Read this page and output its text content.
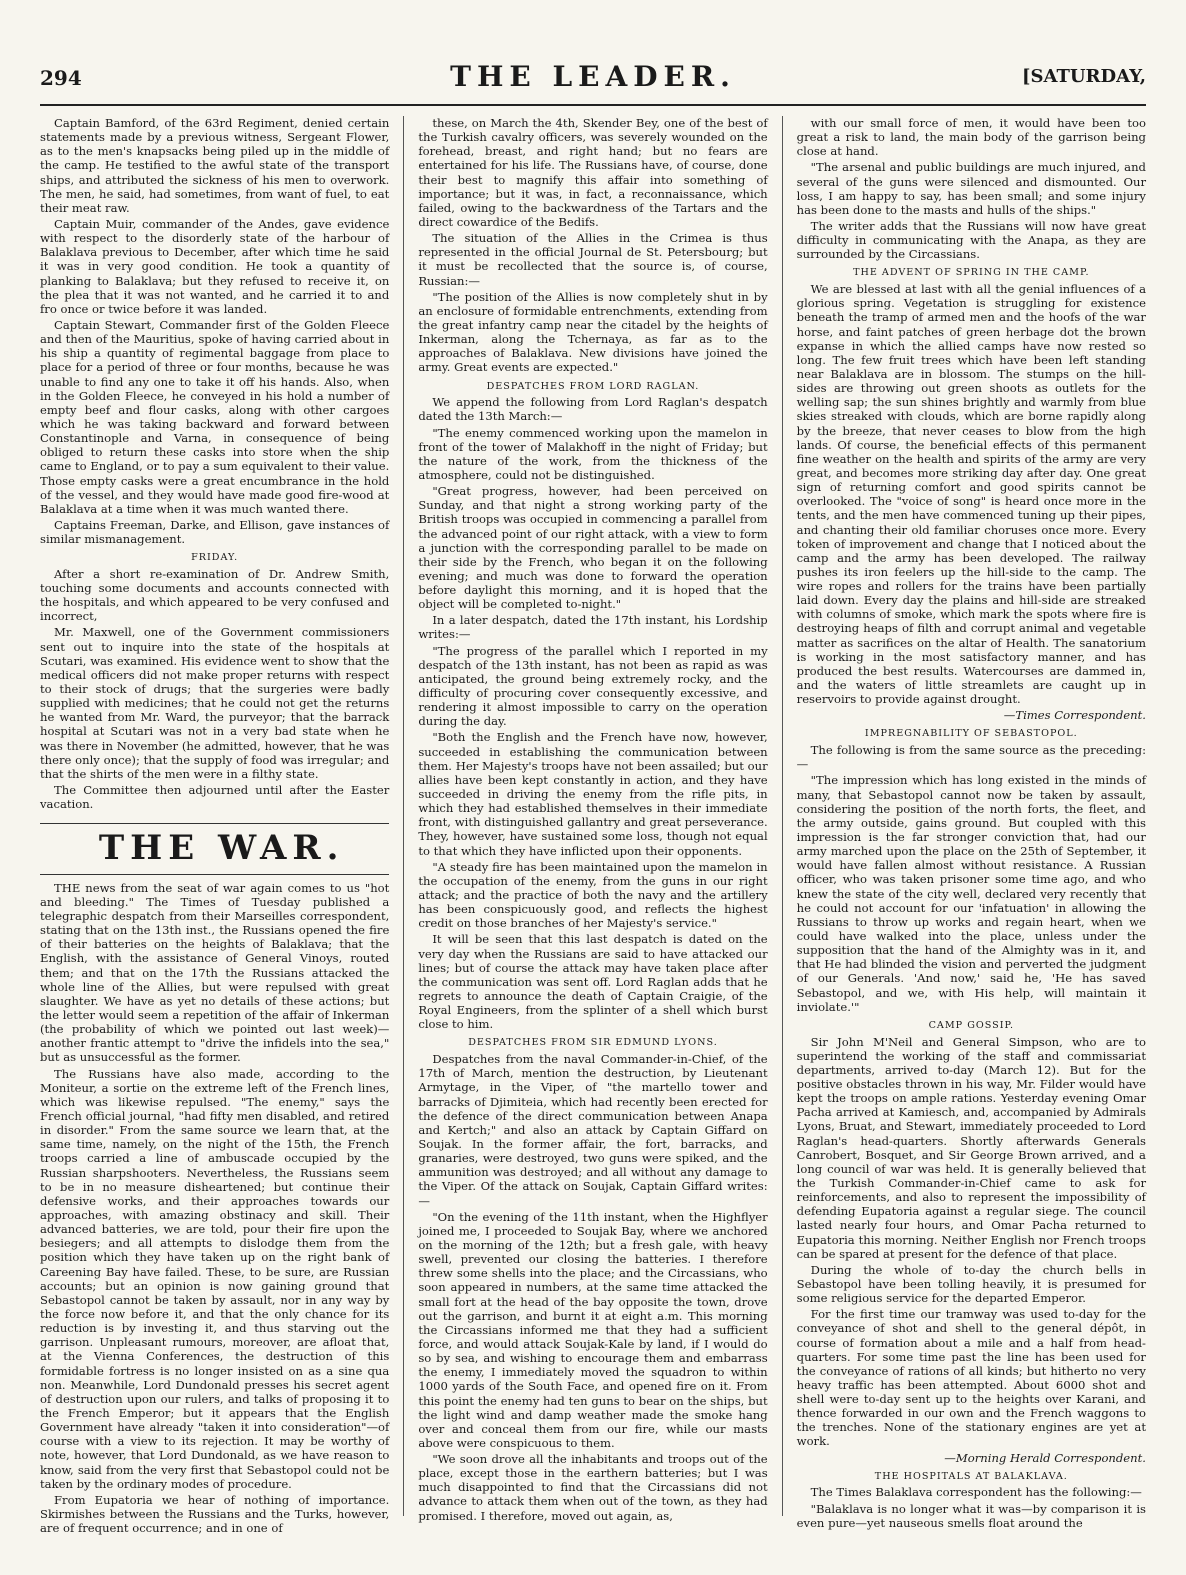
294	THE LEADER.	[SATURDAY,

Captain Bamford, of the 63rd Regiment, denied certain statements made by a previous witness, Sergeant Flower, as to the men's knapsacks being piled up in the middle of the camp. He testified to the awful state of the transport ships, and attributed the sickness of his men to overwork. The men, he said, had sometimes, from want of fuel, to eat their meat raw.

Captain Muir, commander of the Andes, gave evidence with respect to the disorderly state of the harbour of Balaklava previous to December, after which time he said it was in very good condition. He took a quantity of planking to Balaklava; but they refused to receive it, on the plea that it was not wanted, and he carried it to and fro once or twice before it was landed.

Captain Stewart, Commander first of the Golden Fleece and then of the Mauritius, spoke of having carried about in his ship a quantity of regimental baggage from place to place for a period of three or four months, because he was unable to find any one to take it off his hands. Also, when in the Golden Fleece, he conveyed in his hold a number of empty beef and flour casks, along with other cargoes which he was taking backward and forward between Constantinople and Varna, in consequence of being obliged to return these casks into store when the ship came to England, or to pay a sum equivalent to their value. Those empty casks were a great encumbrance in the hold of the vessel, and they would have made good fire-wood at Balaklava at a time when it was much wanted there.

Captains Freeman, Darke, and Ellison, gave instances of similar mismanagement.

FRIDAY.

After a short re-examination of Dr. Andrew Smith, touching some documents and accounts connected with the hospitals, and which appeared to be very confused and incorrect,

Mr. Maxwell, one of the Government commissioners sent out to inquire into the state of the hospitals at Scutari, was examined. His evidence went to show that the medical officers did not make proper returns with respect to their stock of drugs; that the surgeries were badly supplied with medicines; that he could not get the returns he wanted from Mr. Ward, the purveyor; that the barrack hospital at Scutari was not in a very bad state when he was there in November (he admitted, however, that he was there only once); that the supply of food was irregular; and that the shirts of the men were in a filthy state.

The Committee then adjourned until after the Easter vacation.

THE WAR.

THE news from the seat of war again comes to us "hot and bleeding." The Times of Tuesday published a telegraphic despatch from their Marseilles correspondent, stating that on the 13th inst., the Russians opened the fire of their batteries on the heights of Balaklava; that the English, with the assistance of General Vinoys, routed them; and that on the 17th the Russians attacked the whole line of the Allies, but were repulsed with great slaughter. We have as yet no details of these actions; but the letter would seem a repetition of the affair of Inkerman (the probability of which we pointed out last week)—another frantic attempt to "drive the infidels into the sea," but as unsuccessful as the former.

The Russians have also made, according to the Moniteur, a sortie on the extreme left of the French lines, which was likewise repulsed. "The enemy," says the French official journal, "had fifty men disabled, and retired in disorder." From the same source we learn that, at the same time, namely, on the night of the 15th, the French troops carried a line of ambuscade occupied by the Russian sharpshooters. Nevertheless, the Russians seem to be in no measure disheartened; but continue their defensive works, and their approaches towards our approaches, with amazing obstinacy and skill. Their advanced batteries, we are told, pour their fire upon the besiegers; and all attempts to dislodge them from the position which they have taken up on the right bank of Careening Bay have failed. These, to be sure, are Russian accounts; but an opinion is now gaining ground that Sebastopol cannot be taken by assault, nor in any way by the force now before it, and that the only chance for its reduction is by investing it, and thus starving out the garrison. Unpleasant rumours, moreover, are afloat that, at the Vienna Conferences, the destruction of this formidable fortress is no longer insisted on as a sine qua non. Meanwhile, Lord Dundonald presses his secret agent of destruction upon our rulers, and talks of proposing it to the French Emperor; but it appears that the English Government have already "taken it into consideration"—of course with a view to its rejection. It may be worthy of note, however, that Lord Dundonald, as we have reason to know, said from the very first that Sebastopol could not be taken by the ordinary modes of procedure.

From Eupatoria we hear of nothing of importance. Skirmishes between the Russians and the Turks, however, are of frequent occurrence; and in one of

these, on March the 4th, Skender Bey, one of the best of the Turkish cavalry officers, was severely wounded on the forehead, breast, and right hand; but no fears are entertained for his life. The Russians have, of course, done their best to magnify this affair into something of importance; but it was, in fact, a reconnaissance, which failed, owing to the backwardness of the Tartars and the direct cowardice of the Bedifs.

The situation of the Allies in the Crimea is thus represented in the official Journal de St. Petersbourg; but it must be recollected that the source is, of course, Russian:—

"The position of the Allies is now completely shut in by an enclosure of formidable entrenchments, extending from the great infantry camp near the citadel by the heights of Inkerman, along the Tchernaya, as far as to the approaches of Balaklava. New divisions have joined the army. Great events are expected."

DESPATCHES FROM LORD RAGLAN.

We append the following from Lord Raglan's despatch dated the 13th March:—

"The enemy commenced working upon the mamelon in front of the tower of Malakhoff in the night of Friday; but the nature of the work, from the thickness of the atmosphere, could not be distinguished.

"Great progress, however, had been perceived on Sunday, and that night a strong working party of the British troops was occupied in commencing a parallel from the advanced point of our right attack, with a view to form a junction with the corresponding parallel to be made on their side by the French, who began it on the following evening; and much was done to forward the operation before daylight this morning, and it is hoped that the object will be completed to-night."

In a later despatch, dated the 17th instant, his Lordship writes:—

"The progress of the parallel which I reported in my despatch of the 13th instant, has not been as rapid as was anticipated, the ground being extremely rocky, and the difficulty of procuring cover consequently excessive, and rendering it almost impossible to carry on the operation during the day.

"Both the English and the French have now, however, succeeded in establishing the communication between them. Her Majesty's troops have not been assailed; but our allies have been kept constantly in action, and they have succeeded in driving the enemy from the rifle pits, in which they had established themselves in their immediate front, with distinguished gallantry and great perseverance. They, however, have sustained some loss, though not equal to that which they have inflicted upon their opponents.

"A steady fire has been maintained upon the mamelon in the occupation of the enemy, from the guns in our right attack; and the practice of both the navy and the artillery has been conspicuously good, and reflects the highest credit on those branches of her Majesty's service."

It will be seen that this last despatch is dated on the very day when the Russians are said to have attacked our lines; but of course the attack may have taken place after the communication was sent off. Lord Raglan adds that he regrets to announce the death of Captain Craigie, of the Royal Engineers, from the splinter of a shell which burst close to him.

DESPATCHES FROM SIR EDMUND LYONS.

Despatches from the naval Commander-in-Chief, of the 17th of March, mention the destruction, by Lieutenant Armytage, in the Viper, of "the martello tower and barracks of Djimiteia, which had recently been erected for the defence of the direct communication between Anapa and Kertch;" and also an attack by Captain Giffard on Soujak. In the former affair, the fort, barracks, and granaries, were destroyed, two guns were spiked, and the ammunition was destroyed; and all without any damage to the Viper. Of the attack on Soujak, Captain Giffard writes:—

"On the evening of the 11th instant, when the Highflyer joined me, I proceeded to Soujak Bay, where we anchored on the morning of the 12th; but a fresh gale, with heavy swell, prevented our closing the batteries. I therefore threw some shells into the place; and the Circassians, who soon appeared in numbers, at the same time attacked the small fort at the head of the bay opposite the town, drove out the garrison, and burnt it at eight a.m. This morning the Circassians informed me that they had a sufficient force, and would attack Soujak-Kale by land, if I would do so by sea, and wishing to encourage them and embarrass the enemy, I immediately moved the squadron to within 1000 yards of the South Face, and opened fire on it. From this point the enemy had ten guns to bear on the ships, but the light wind and damp weather made the smoke hang over and conceal them from our fire, while our masts above were conspicuous to them.

"We soon drove all the inhabitants and troops out of the place, except those in the earthern batteries; but I was much disappointed to find that the Circassians did not advance to attack them when out of the town, as they had promised. I therefore, moved out again, as,

with our small force of men, it would have been too great a risk to land, the main body of the garrison being close at hand.

"The arsenal and public buildings are much injured, and several of the guns were silenced and dismounted. Our loss, I am happy to say, has been small; and some injury has been done to the masts and hulls of the ships."

The writer adds that the Russians will now have great difficulty in communicating with the Anapa, as they are surrounded by the Circassians.

THE ADVENT OF SPRING IN THE CAMP.

We are blessed at last with all the genial influences of a glorious spring. Vegetation is struggling for existence beneath the tramp of armed men and the hoofs of the war horse, and faint patches of green herbage dot the brown expanse in which the allied camps have now rested so long. The few fruit trees which have been left standing near Balaklava are in blossom. The stumps on the hill-sides are throwing out green shoots as outlets for the welling sap; the sun shines brightly and warmly from blue skies streaked with clouds, which are borne rapidly along by the breeze, that never ceases to blow from the high lands. Of course, the beneficial effects of this permanent fine weather on the health and spirits of the army are very great, and becomes more striking day after day. One great sign of returning comfort and good spirits cannot be overlooked. The "voice of song" is heard once more in the tents, and the men have commenced tuning up their pipes, and chanting their old familiar choruses once more. Every token of improvement and change that I noticed about the camp and the army has been developed. The railway pushes its iron feelers up the hill-side to the camp. The wire ropes and rollers for the trains have been partially laid down. Every day the plains and hill-side are streaked with columns of smoke, which mark the spots where fire is destroying heaps of filth and corrupt animal and vegetable matter as sacrifices on the altar of Health. The sanatorium is working in the most satisfactory manner, and has produced the best results. Watercourses are dammed in, and the waters of little streamlets are caught up in reservoirs to provide against drought.

—Times Correspondent.

IMPREGNABILITY OF SEBASTOPOL.

The following is from the same source as the preceding:—

"The impression which has long existed in the minds of many, that Sebastopol cannot now be taken by assault, considering the position of the north forts, the fleet, and the army outside, gains ground. But coupled with this impression is the far stronger conviction that, had our army marched upon the place on the 25th of September, it would have fallen almost without resistance. A Russian officer, who was taken prisoner some time ago, and who knew the state of the city well, declared very recently that he could not account for our 'infatuation' in allowing the Russians to throw up works and regain heart, when we could have walked into the place, unless under the supposition that the hand of the Almighty was in it, and that He had blinded the vision and perverted the judgment of our Generals. 'And now,' said he, 'He has saved Sebastopol, and we, with His help, will maintain it inviolate.'"

CAMP GOSSIP.

Sir John M'Neil and General Simpson, who are to superintend the working of the staff and commissariat departments, arrived to-day (March 12). But for the positive obstacles thrown in his way, Mr. Filder would have kept the troops on ample rations. Yesterday evening Omar Pacha arrived at Kamiesch, and, accompanied by Admirals Lyons, Bruat, and Stewart, immediately proceeded to Lord Raglan's head-quarters. Shortly afterwards Generals Canrobert, Bosquet, and Sir George Brown arrived, and a long council of war was held. It is generally believed that the Turkish Commander-in-Chief came to ask for reinforcements, and also to represent the impossibility of defending Eupatoria against a regular siege. The council lasted nearly four hours, and Omar Pacha returned to Eupatoria this morning. Neither English nor French troops can be spared at present for the defence of that place.

During the whole of to-day the church bells in Sebastopol have been tolling heavily, it is presumed for some religious service for the departed Emperor.

For the first time our tramway was used to-day for the conveyance of shot and shell to the general dépôt, in course of formation about a mile and a half from head-quarters. For some time past the line has been used for the conveyance of rations of all kinds; but hitherto no very heavy traffic has been attempted. About 6000 shot and shell were to-day sent up to the heights over Karani, and thence forwarded in our own and the French waggons to the trenches. None of the stationary engines are yet at work.

—Morning Herald Correspondent.

THE HOSPITALS AT BALAKLAVA.

The Times Balaklava correspondent has the following:—

"Balaklava is no longer what it was—by comparison it is even pure—yet nauseous smells float around the
